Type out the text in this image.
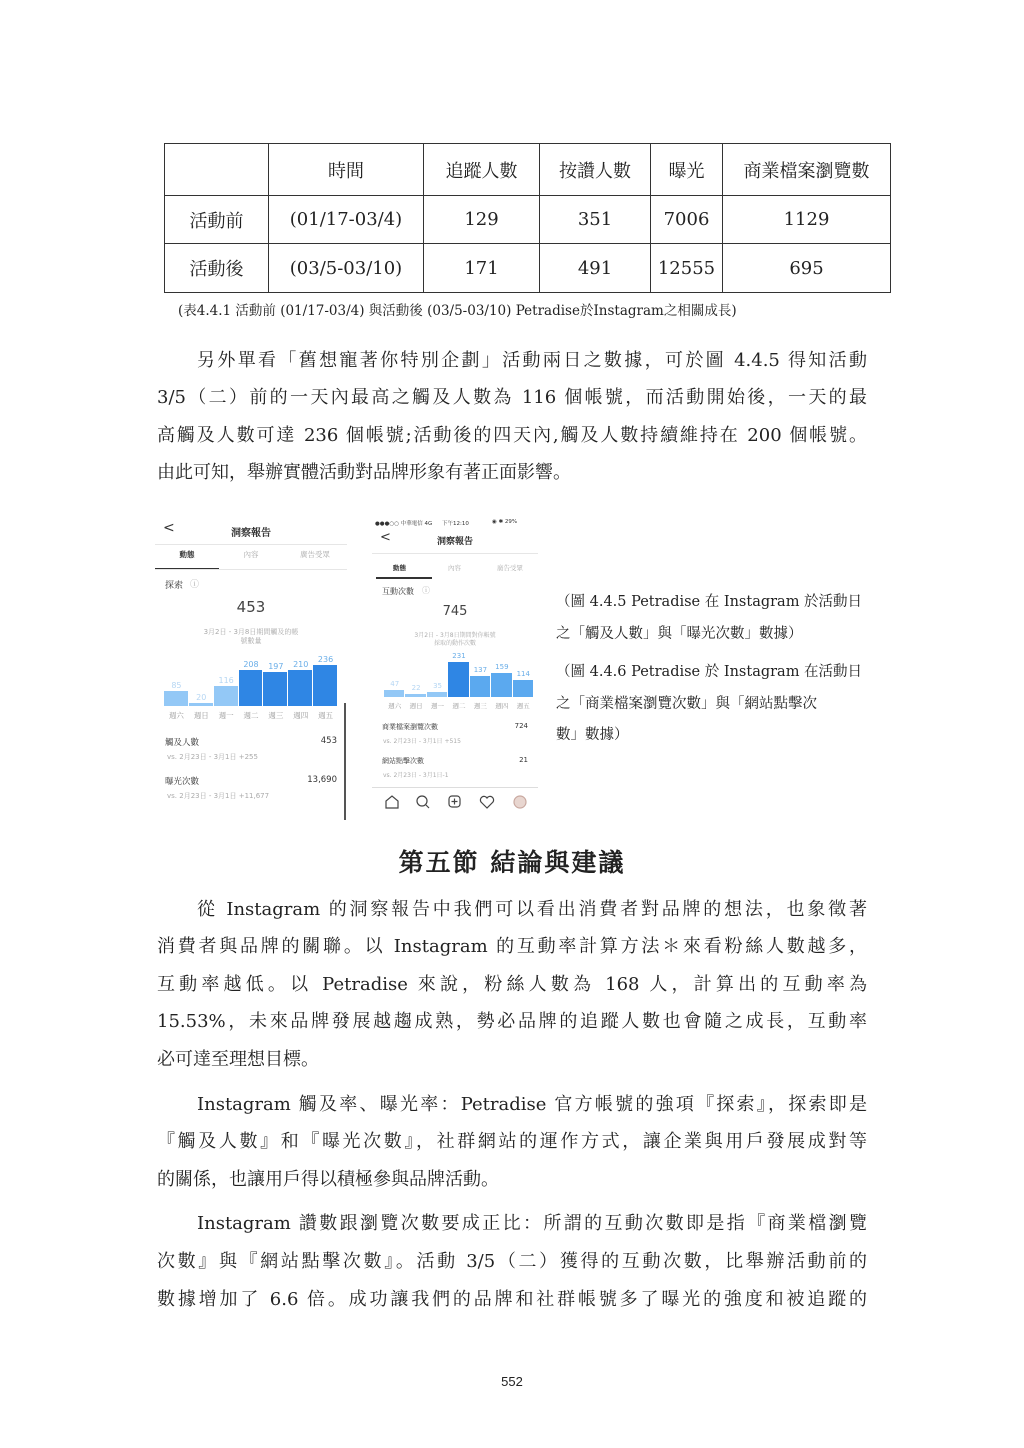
	時間	追蹤人數	按讚人數	曝光	商業檔案瀏覽數
活動前	(01/17-03/4)	129	351	7006	1129
活動後	(03/5-03/10)	171	491	12555	695
(表4.4.1 活動前 (01/17-03/4) 與活動後 (03/5-03/10) Petradise於Instagram之相關成長)
另外單看「舊想寵著你特別企劃」活動兩日之數據，可於圖 4.4.5 得知活動
3/5（二）前的一天內最高之觸及人數為 116 個帳號，而活動開始後，一天的最
高觸及人數可達 236 個帳號;活動後的四天內,觸及人數持續維持在 200 個帳號。
由此可知，舉辦實體活動對品牌形象有著正面影響。
<	洞察報告
動態	內容	廣告受眾
探索 ⓘ
453
3月2日 - 3月8日期間觸及的帳
號數量
85
週六
20
週日
116
週一
208
週二
197
週三
210
週四
236
週五
觸及人數	453
vs. 2月23日 - 3月1日 +255
曝光次數	13,690
vs. 2月23日 - 3月1日 +11,677
●●●○○ 中華電信 4G 下午12:10	◉ ✱ 29%
<	洞察報告
動態	內容	廣告受眾
互動次數 ⓘ
745
3月2日 - 3月8日期間對你帳號
採取的動作次數
47
週六
22
週日
35
週一
231
週二
137
週三
159
週四
114
週五
商業檔案瀏覽次數	724
vs. 2月23日 - 3月1日 +515
網站點擊次數	21
vs. 2月23日 - 3月1日-1
（圖 4.4.5 Petradise 在 Instagram 於活動日
之「觸及人數」與「曝光次數」數據）
（圖 4.4.6 Petradise 於 Instagram 在活動日
之「商業檔案瀏覽次數」與「網站點擊次
數」數據）
第五節 結論與建議
從 Instagram 的洞察報告中我們可以看出消費者對品牌的想法，也象徵著
消費者與品牌的關聯。以 Instagram 的互動率計算方法＊來看粉絲人數越多，
互動率越低。以 Petradise 來說，粉絲人數為 168 人，計算出的互動率為
15.53%，未來品牌發展越趨成熟，勢必品牌的追蹤人數也會隨之成長，互動率
必可達至理想目標。
Instagram 觸及率、曝光率：Petradise 官方帳號的強項『探索』，探索即是
『觸及人數』和『曝光次數』，社群網站的運作方式，讓企業與用戶發展成對等
的關係，也讓用戶得以積極參與品牌活動。
Instagram 讚數跟瀏覽次數要成正比：所謂的互動次數即是指『商業檔瀏覽
次數』與『網站點擊次數』。活動 3/5（二）獲得的互動次數，比舉辦活動前的
數據增加了 6.6 倍。成功讓我們的品牌和社群帳號多了曝光的強度和被追蹤的
552
